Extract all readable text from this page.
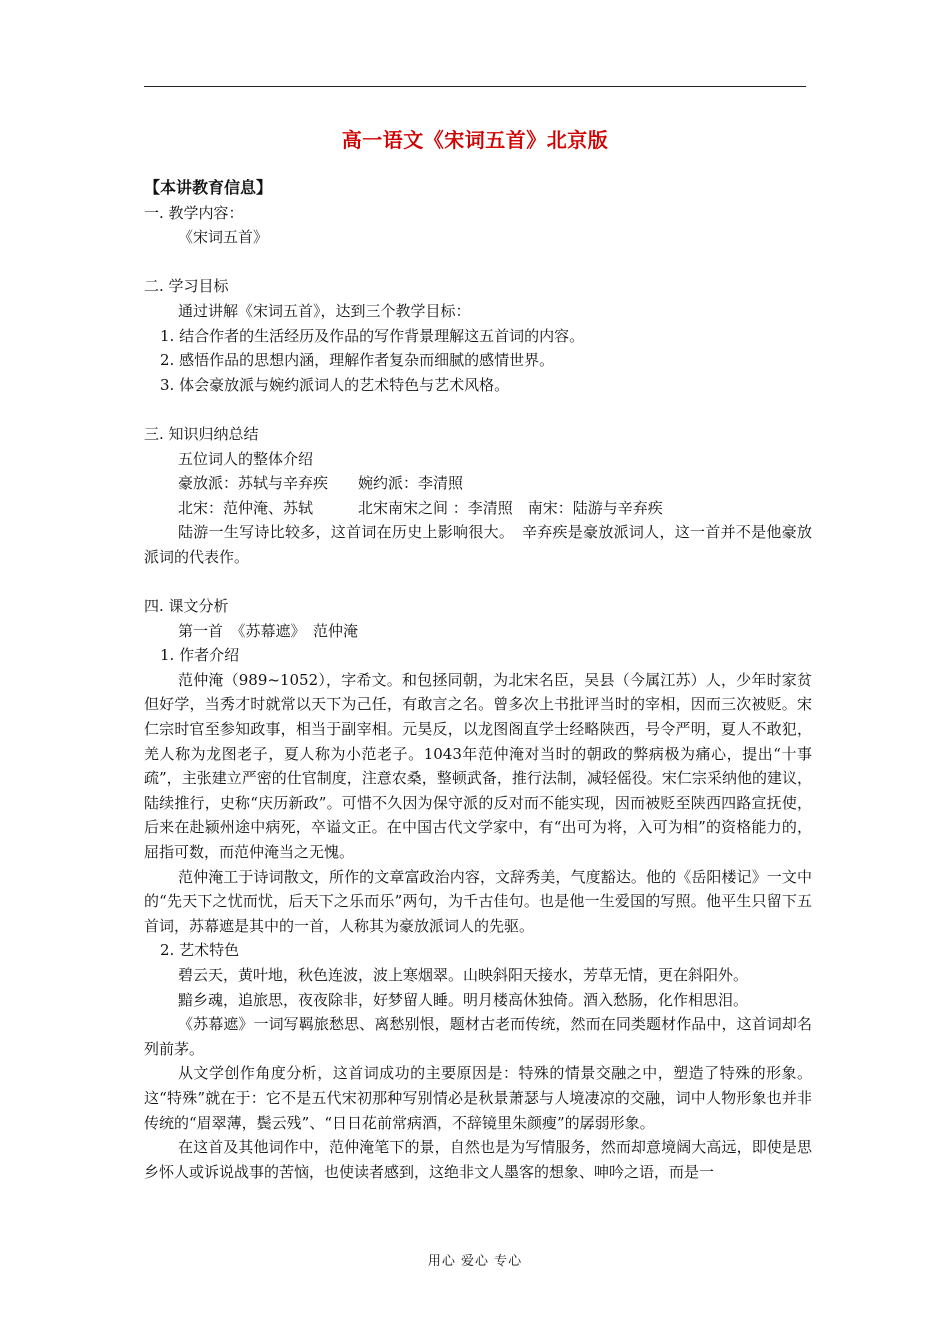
高一语文《宋词五首》北京版
【本讲教育信息】
一. 教学内容：
《宋词五首》
二. 学习目标
通过讲解《宋词五首》，达到三个教学目标：
1. 结合作者的生活经历及作品的写作背景理解这五首词的内容。
2. 感悟作品的思想内涵，理解作者复杂而细腻的感情世界。
3. 体会豪放派与婉约派词人的艺术特色与艺术风格。
三. 知识归纳总结
五位词人的整体介绍
豪放派：苏轼与辛弃疾　　婉约派：李清照
北宋：范仲淹、苏轼　　　北宋南宋之间 ：李清照　南宋：陆游与辛弃疾
陆游一生写诗比较多，这首词在历史上影响很大。　辛弃疾是豪放派词人，这一首并不是他豪放派词的代表作。
四. 课文分析
第一首　《苏幕遮》　范仲淹
1. 作者介绍
范仲淹（989~1052），字希文。和包拯同朝，为北宋名臣，吴县（今属江苏）人，少年时家贫但好学，当秀才时就常以天下为己任，有敢言之名。曾多次上书批评当时的宰相，因而三次被贬。宋仁宗时官至参知政事，相当于副宰相。元昊反，以龙图阁直学士经略陕西，号令严明，夏人不敢犯，羌人称为龙图老子，夏人称为小范老子。1043年范仲淹对当时的朝政的弊病极为痛心，提出“十事疏”，主张建立严密的仕官制度，注意农桑，整顿武备，推行法制，减轻傜役。宋仁宗采纳他的建议，陆续推行，史称“庆历新政”。可惜不久因为保守派的反对而不能实现，因而被贬至陕西四路宣抚使，后来在赴颍州途中病死，卒谥文正。在中国古代文学家中，有“出可为将，入可为相”的资格能力的，屈指可数，而范仲淹当之无愧。
范仲淹工于诗词散文，所作的文章富政治内容，文辞秀美，气度豁达。他的《岳阳楼记》一文中的“先天下之忧而忧，后天下之乐而乐”两句，为千古佳句。也是他一生爱国的写照。他平生只留下五首词，苏幕遮是其中的一首，人称其为豪放派词人的先驱。
2. 艺术特色
碧云天，黄叶地，秋色连波，波上寒烟翠。山映斜阳天接水，芳草无情，更在斜阳外。
黯乡魂，追旅思，夜夜除非，好梦留人睡。明月楼高休独倚。酒入愁肠，化作相思泪。
《苏幕遮》一词写羁旅愁思、离愁别恨，题材古老而传统，然而在同类题材作品中，这首词却名列前茅。
从文学创作角度分析，这首词成功的主要原因是：特殊的情景交融之中，塑造了特殊的形象。这“特殊”就在于：它不是五代宋初那种写别情必是秋景萧瑟与人境凄凉的交融，词中人物形象也并非传统的“眉翠薄，鬓云残”、“日日花前常病酒，不辞镜里朱颜瘦”的孱弱形象。
在这首及其他词作中，范仲淹笔下的景，自然也是为写情服务，然而却意境阔大高远，即使是思乡怀人或诉说战事的苦恼，也使读者感到，这绝非文人墨客的想象、呻吟之语，而是一
用心 爱心 专心
